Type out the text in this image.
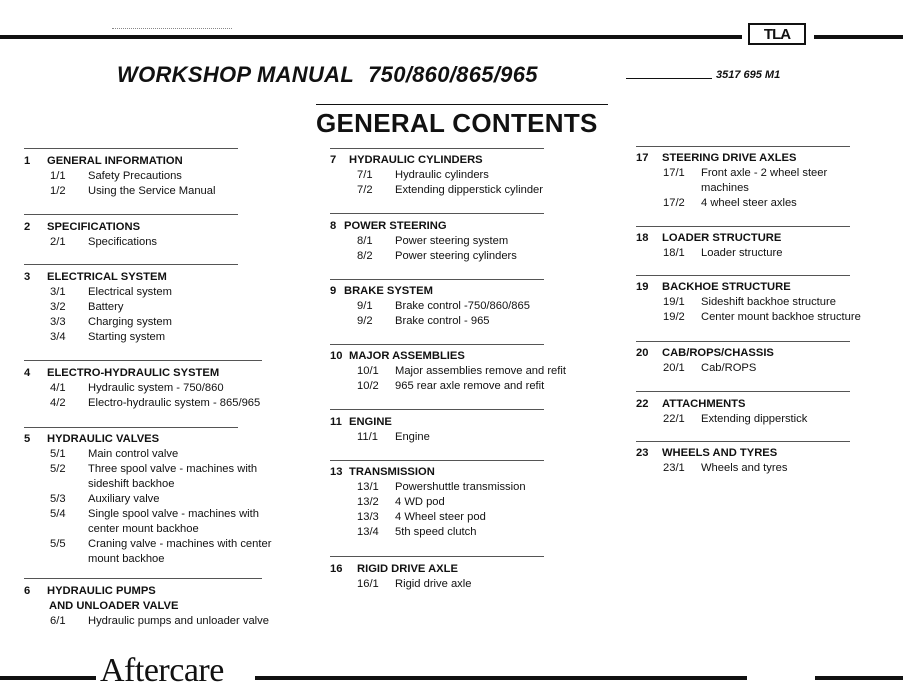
TLA
WORKSHOP MANUAL 750/860/865/965	3517 695 M1
GENERAL CONTENTS
1 GENERAL INFORMATION
1/1	Safety Precautions
1/2	Using the Service Manual
2 SPECIFICATIONS
2/1	Specifications
3 ELECTRICAL SYSTEM
3/1	Electrical system
3/2	Battery
3/3	Charging system
3/4	Starting system
4 ELECTRO-HYDRAULIC SYSTEM
4/1	Hydraulic system - 750/860
4/2	Electro-hydraulic system - 865/965
5 HYDRAULIC VALVES
5/1	Main control valve
5/2	Three spool valve - machines with sideshift backhoe
5/3	Auxiliary valve
5/4	Single spool valve - machines with center mount backhoe
5/5	Craning valve - machines with center mount backhoe
6 HYDRAULIC PUMPS
AND UNLOADER VALVE
6/1	Hydraulic pumps and unloader valve
7 HYDRAULIC CYLINDERS
7/1	Hydraulic cylinders
7/2	Extending dipperstick cylinder
8 POWER STEERING
8/1	Power steering system
8/2	Power steering cylinders
9 BRAKE SYSTEM
9/1	Brake control -750/860/865
9/2	Brake control - 965
10 MAJOR ASSEMBLIES
10/1	Major assemblies remove and refit
10/2	965 rear axle remove and refit
11 ENGINE
11/1	Engine
13 TRANSMISSION
13/1	Powershuttle transmission
13/2	4 WD pod
13/3	4 Wheel steer pod
13/4	5th speed clutch
16 RIGID DRIVE AXLE
16/1	Rigid drive axle
17 STEERING DRIVE AXLES
17/1	Front axle - 2 wheel steer machines
17/2	4 wheel steer axles
18 LOADER STRUCTURE
18/1	Loader structure
19 BACKHOE STRUCTURE
19/1	Sideshift backhoe structure
19/2	Center mount backhoe structure
20 CAB/ROPS/CHASSIS
20/1	Cab/ROPS
22 ATTACHMENTS
22/1	Extending dipperstick
23 WHEELS AND TYRES
23/1	Wheels and tyres
Aftercare
